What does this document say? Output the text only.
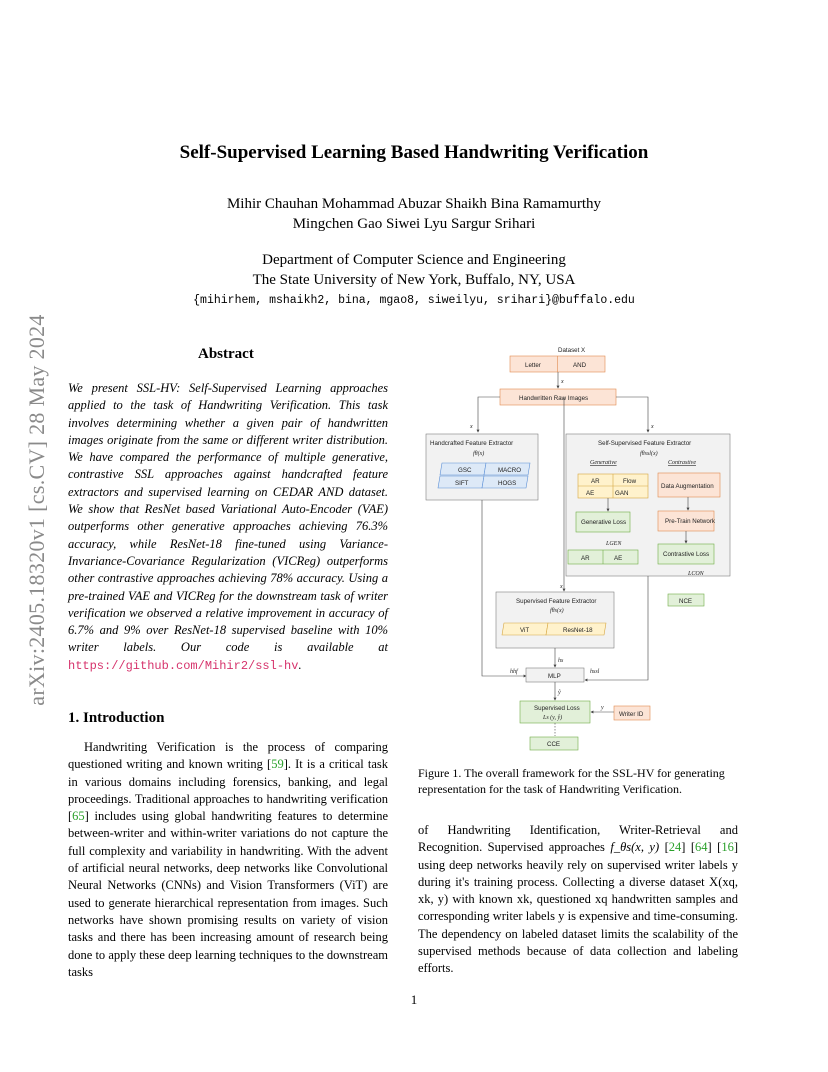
arXiv:2405.18320v1 [cs.CV] 28 May 2024
Self-Supervised Learning Based Handwriting Verification
Mihir Chauhan Mohammad Abuzar Shaikh Bina Ramamurthy
Mingchen Gao Siwei Lyu Sargur Srihari
Department of Computer Science and Engineering
The State University of New York, Buffalo, NY, USA
{mihirhem, mshaikh2, bina, mgao8, siweilyu, srihari}@buffalo.edu
Abstract

We present SSL-HV: Self-Supervised Learning approaches applied to the task of Handwriting Verification. This task involves determining whether a given pair of handwritten images originate from the same or different writer distribution. We have compared the performance of multiple generative, contrastive SSL approaches against handcrafted feature extractors and supervised learning on CEDAR AND dataset. We show that ResNet based Variational Auto-Encoder (VAE) outperforms other generative approaches achieving 76.3% accuracy, while ResNet-18 fine-tuned using Variance-Invariance-Covariance Regularization (VICReg) outperforms other contrastive approaches achieving 78% accuracy. Using a pre-trained VAE and VICReg for the downstream task of writer verification we observed a relative improvement in accuracy of 6.7% and 9% over ResNet-18 supervised baseline with 10% writer labels. Our code is available at https://github.com/Mihir2/ssl-hv.

1. Introduction

Handwriting Verification is the process of comparing questioned writing and known writing [59]. It is a critical task in various domains including forensics, banking, and legal proceedings. Traditional approaches to handwriting verification [65] includes using global handwriting features to determine between-writer and within-writer variations do not capture the full complexity and variability in handwriting. With the advent of artificial neural networks, deep networks like Convolutional Neural Networks (CNNs) and Vision Transformers (ViT) are used to generate hierarchical representation from images. Such networks have shown promising results on variety of vision tasks and there has been increasing amount of research being done to apply these deep learning techniques to the downstream tasks

Dataset X
Letter	AND
x
Handwritten Raw Images
x	x
Handcrafted Feature Extractor
fθ(x)
GSC	MACRO
SIFT	HOGS
Self-Supervised Feature Extractor
fθssl(x)
Generative	Contrastive
AR	Flow
AE	GAN
Generative Loss
LGEN
AR	AE
Data Augmentation
Pre-Train Network
Contrastive Loss
LCON
NCE
x
Supervised Feature Extractor
fθs(x)
ViT	ResNet-18
hs
hhf	hssl
MLP
ŷ
Supervised Loss
Ls (y, ŷ)	Writer ID
y
CCE
Figure 1. The overall framework for the SSL-HV for generating representation for the task of Handwriting Verification.

of Handwriting Identification, Writer-Retrieval and Recognition. Supervised approaches f_θs(x, y) [24] [64] [16] using deep networks heavily rely on supervised writer labels y during it's training process. Collecting a diverse dataset X(xq, xk, y) with known xk, questioned xq handwritten samples and corresponding writer labels y is expensive and time-consuming. The dependency on labeled dataset limits the scalability of the supervised methods because of data collection and labeling efforts.

1
